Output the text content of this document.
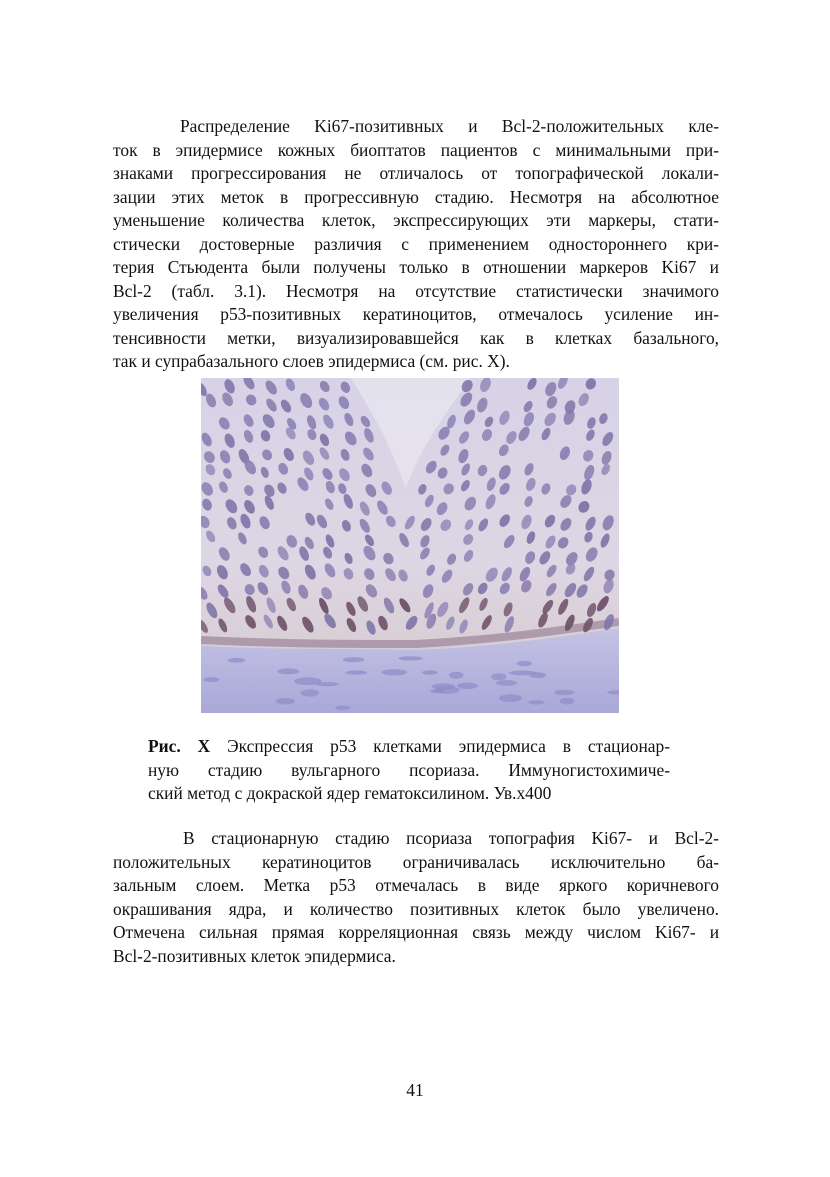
Распределение Ki67-позитивных и Bcl-2-положительных кле-
ток в эпидермисе кожных биоптатов пациентов с минимальными при-
знаками прогрессирования не отличалось от топографической локали-
зации этих меток в прогрессивную стадию. Несмотря на абсолютное
уменьшение количества клеток, экспрессирующих эти маркеры, стати-
стически достоверные различия с применением одностороннего кри-
терия Стьюдента были получены только в отношении маркеров Ki67 и
Bcl-2 (табл. 3.1). Несмотря на отсутствие статистически значимого
увеличения p53-позитивных кератиноцитов, отмечалось усиление ин-
тенсивности метки, визуализировавшейся как в клетках базального,
так и супрабазального слоев эпидермиса (см. рис. X).
Рис. X Экспрессия p53 клетками эпидермиса в стационар-
ную стадию вульгарного псориаза. Иммуногистохимиче-
ский метод с докраской ядер гематоксилином. Ув.x400
В стационарную стадию псориаза топография Ki67- и Bcl-2-
положительных кератиноцитов ограничивалась исключительно ба-
зальным слоем. Метка p53 отмечалась в виде яркого коричневого
окрашивания ядра, и количество позитивных клеток было увеличено.
Отмечена сильная прямая корреляционная связь между числом Ki67- и
Bcl-2-позитивных клеток эпидермиса.
41
